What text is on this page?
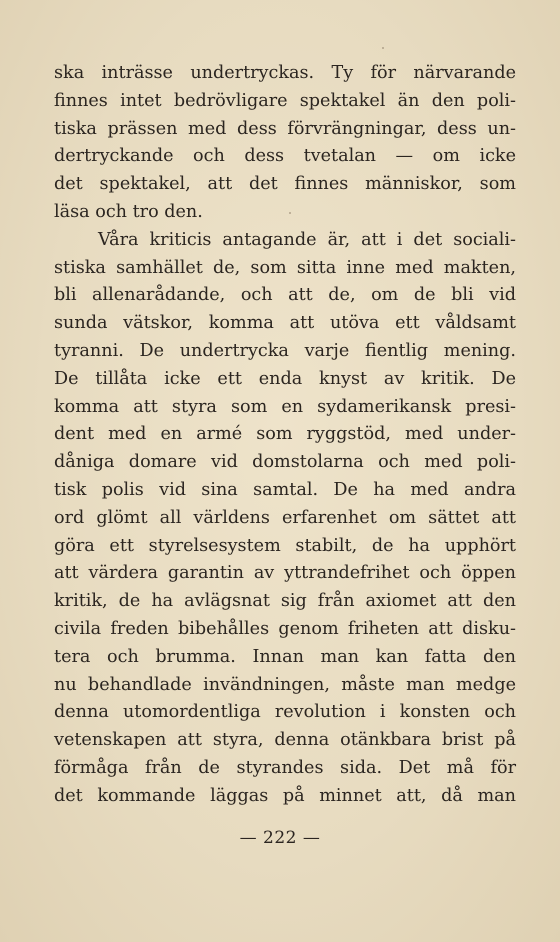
ska inträsse undertryckas. Ty för närvarande
finnes intet bedrövligare spektakel än den poli-
tiska prässen med dess förvrängningar, dess un-
dertryckande och dess tvetalan — om icke
det spektakel, att det finnes människor, som
läsa och tro den.
Våra kriticis antagande är, att i det sociali-
stiska samhället de, som sitta inne med makten,
bli allenarådande, och att de, om de bli vid
sunda vätskor, komma att utöva ett våldsamt
tyranni. De undertrycka varje fientlig mening.
De tillåta icke ett enda knyst av kritik. De
komma att styra som en sydamerikansk presi-
dent med en armé som ryggstöd, med under-
dåniga domare vid domstolarna och med poli-
tisk polis vid sina samtal. De ha med andra
ord glömt all världens erfarenhet om sättet att
göra ett styrelsesystem stabilt, de ha upphört
att värdera garantin av yttrandefrihet och öppen
kritik, de ha avlägsnat sig från axiomet att den
civila freden bibehålles genom friheten att disku-
tera och brumma. Innan man kan fatta den
nu behandlade invändningen, måste man medge
denna utomordentliga revolution i konsten och
vetenskapen att styra, denna otänkbara brist på
förmåga från de styrandes sida. Det må för
det kommande läggas på minnet att, då man
— 222 —
